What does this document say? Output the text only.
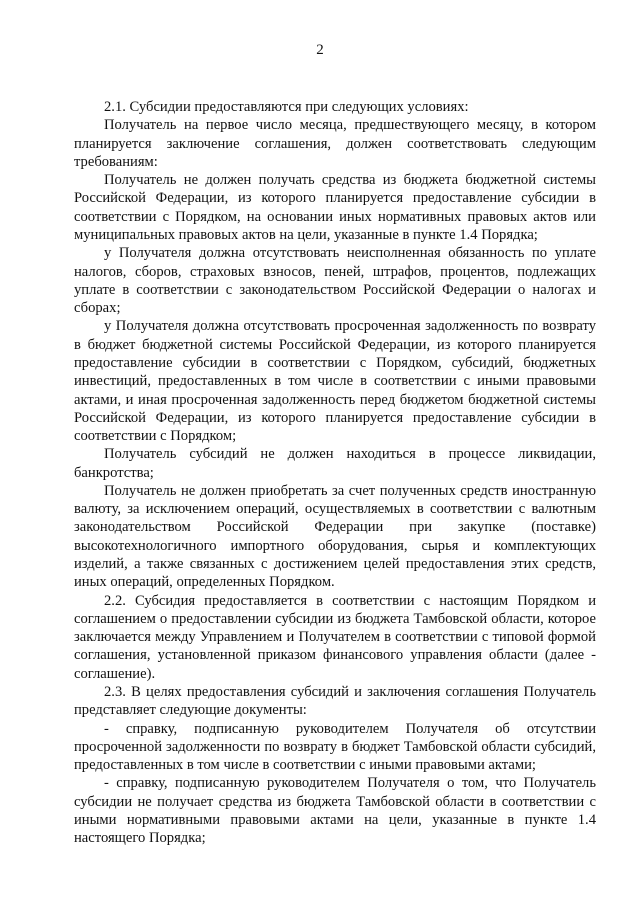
2

2.1. Субсидии предоставляются при следующих условиях:

Получатель на первое число месяца, предшествующего месяцу, в котором планируется заключение соглашения, должен соответствовать следующим требованиям:

Получатель не должен получать средства из бюджета бюджетной системы Российской Федерации, из которого планируется предоставление субсидии в соответствии с Порядком, на основании иных нормативных правовых актов или муниципальных правовых актов на цели, указанные в пункте 1.4 Порядка;

у Получателя должна отсутствовать неисполненная обязанность по уплате налогов, сборов, страховых взносов, пеней, штрафов, процентов, подлежащих уплате в соответствии с законодательством Российской Федерации о налогах и сборах;

у Получателя должна отсутствовать просроченная задолженность по возврату в бюджет бюджетной системы Российской Федерации, из которого планируется предоставление субсидии в соответствии с Порядком, субсидий, бюджетных инвестиций, предоставленных в том числе в соответствии с иными правовыми актами, и иная просроченная задолженность перед бюджетом бюджетной системы Российской Федерации, из которого планируется предоставление субсидии в соответствии с Порядком;

Получатель субсидий не должен находиться в процессе ликвидации, банкротства;

Получатель не должен приобретать за счет полученных средств иностранную валюту, за исключением операций, осуществляемых в соответствии с валютным законодательством Российской Федерации при закупке (поставке) высокотехнологичного импортного оборудования, сырья и комплектующих изделий, а также связанных с достижением целей предоставления этих средств, иных операций, определенных Порядком.

2.2. Субсидия предоставляется в соответствии с настоящим Порядком и соглашением о предоставлении субсидии из бюджета Тамбовской области, которое заключается между Управлением и Получателем в соответствии с типовой формой соглашения, установленной приказом финансового управления области (далее - соглашение).

2.3. В целях предоставления субсидий и заключения соглашения Получатель представляет следующие документы:

- справку, подписанную руководителем Получателя об отсутствии просроченной задолженности по возврату в бюджет Тамбовской области субсидий, предоставленных в том числе в соответствии с иными правовыми актами;

- справку, подписанную руководителем Получателя о том, что Получатель субсидии не получает средства из бюджета Тамбовской области в соответствии с иными нормативными правовыми актами на цели, указанные в пункте 1.4 настоящего Порядка;
